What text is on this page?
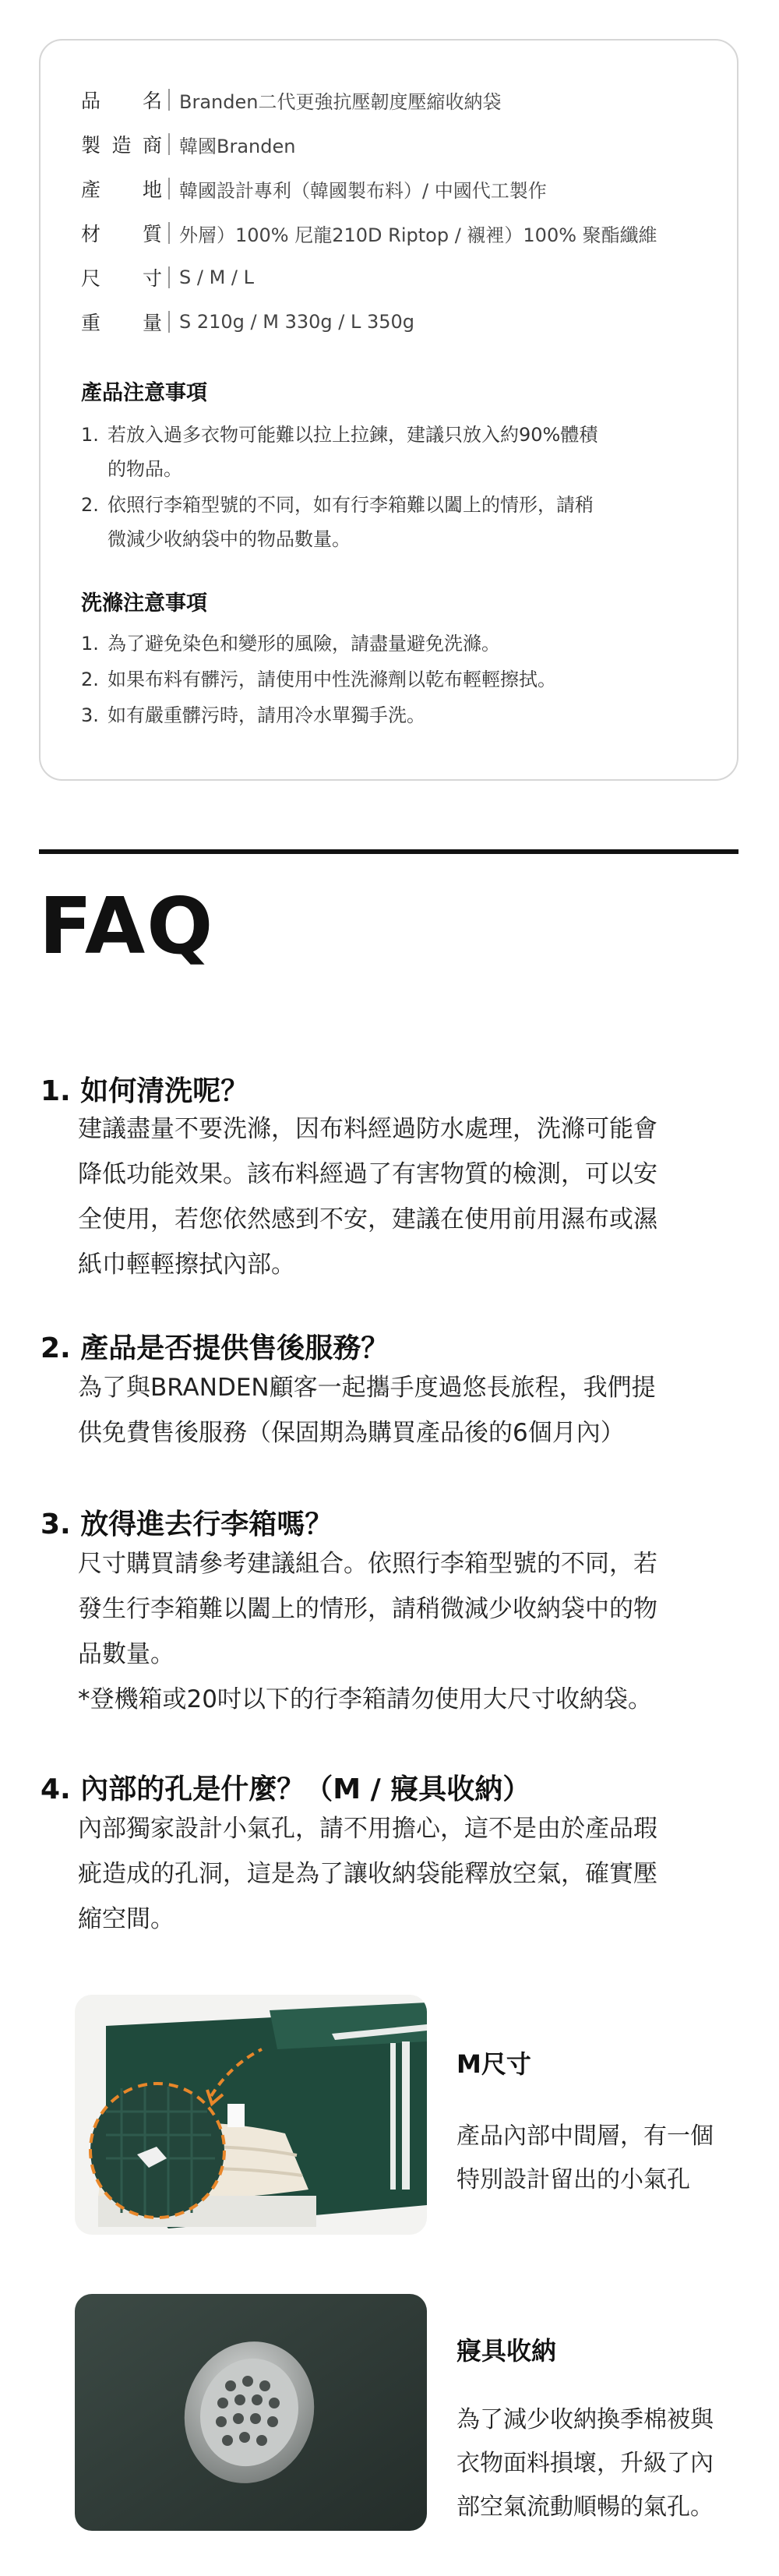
品 名 Branden二代更強抗壓韌度壓縮收納袋
製 造 商 韓國Branden
產 地 韓國設計專利（韓國製布料）/ 中國代工製作
材 質 外層）100% 尼龍210D Riptop / 襯裡）100% 聚酯纖維
尺 寸 S / M / L
重 量 S 210g / M 330g / L 350g
產品注意事項
1. 若放入過多衣物可能難以拉上拉鍊，建議只放入約90%體積
的物品。
2. 依照行李箱型號的不同，如有行李箱難以闔上的情形，請稍
微減少收納袋中的物品數量。
洗滌注意事項
1. 為了避免染色和變形的風險，請盡量避免洗滌。
2. 如果布料有髒污，請使用中性洗滌劑以乾布輕輕擦拭。
3. 如有嚴重髒污時，請用冷水單獨手洗。
FAQ
1. 如何清洗呢？
建議盡量不要洗滌，因布料經過防水處理，洗滌可能會
降低功能效果。該布料經過了有害物質的檢測，可以安
全使用，若您依然感到不安，建議在使用前用濕布或濕
紙巾輕輕擦拭內部。
2. 產品是否提供售後服務？
為了與BRANDEN顧客一起攜手度過悠長旅程，我們提
供免費售後服務（保固期為購買產品後的6個月內）
3. 放得進去行李箱嗎？
尺寸購買請參考建議組合。依照行李箱型號的不同，若
發生行李箱難以闔上的情形，請稍微減少收納袋中的物
品數量。
*登機箱或20吋以下的行李箱請勿使用大尺寸收納袋。
4. 內部的孔是什麼？（M / 寢具收納）
內部獨家設計小氣孔，請不用擔心，這不是由於產品瑕
疵造成的孔洞，這是為了讓收納袋能釋放空氣，確實壓
縮空間。
M尺寸
產品內部中間層，有一個
特別設計留出的小氣孔
寢具收納
為了減少收納換季棉被與
衣物面料損壞，升級了內
部空氣流動順暢的氣孔。
